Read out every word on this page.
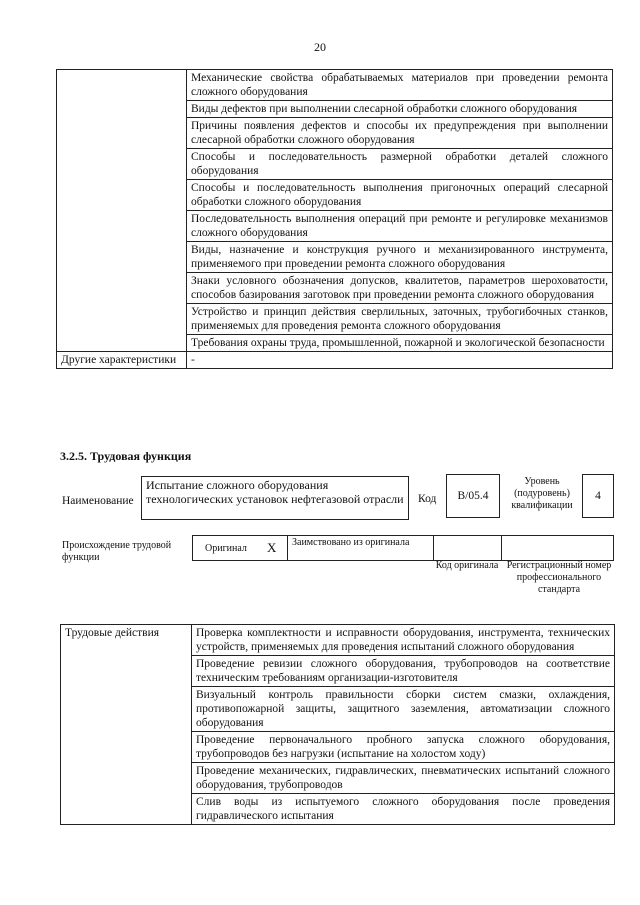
20
	Механические свойства обрабатываемых материалов при проведении ремонта сложного оборудования
	Виды дефектов при выполнении слесарной обработки сложного оборудования
	Причины появления дефектов и способы их предупреждения при выполнении слесарной обработки сложного оборудования
	Способы и последовательность размерной обработки деталей сложного оборудования
	Способы и последовательность выполнения пригоночных операций слесарной обработки сложного оборудования
	Последовательность выполнения операций при ремонте и регулировке механизмов сложного оборудования
	Виды, назначение и конструкция ручного и механизированного инструмента, применяемого при проведении ремонта сложного оборудования
	Знаки условного обозначения допусков, квалитетов, параметров шероховатости, способов базирования заготовок при проведении ремонта сложного оборудования
	Устройство и принцип действия сверлильных, заточных, трубогибочных станков, применяемых для проведения ремонта сложного оборудования
	Требования охраны труда, промышленной, пожарной и экологической безопасности
Другие характеристики	-
3.2.5. Трудовая функция
Наименование
Испытание сложного оборудования технологических установок нефтегазовой отрасли	Код	B/05.4
Уровень (подуровень) квалификации
4
Происхождение трудовой функции
Оригинал X Заимствовано из оригинала
Код оригинала Регистрационный номер профессионального стандарта
Трудовые действия	Проверка комплектности и исправности оборудования, инструмента, технических устройств, применяемых для проведения испытаний сложного оборудования
Проведение ревизии сложного оборудования, трубопроводов на соответствие техническим требованиям организации-изготовителя
Визуальный контроль правильности сборки систем смазки, охлаждения, противопожарной защиты, защитного заземления, автоматизации сложного оборудования
Проведение первоначального пробного запуска сложного оборудования, трубопроводов без нагрузки (испытание на холостом ходу)
Проведение механических, гидравлических, пневматических испытаний сложного оборудования, трубопроводов
Слив воды из испытуемого сложного оборудования после проведения гидравлического испытания
